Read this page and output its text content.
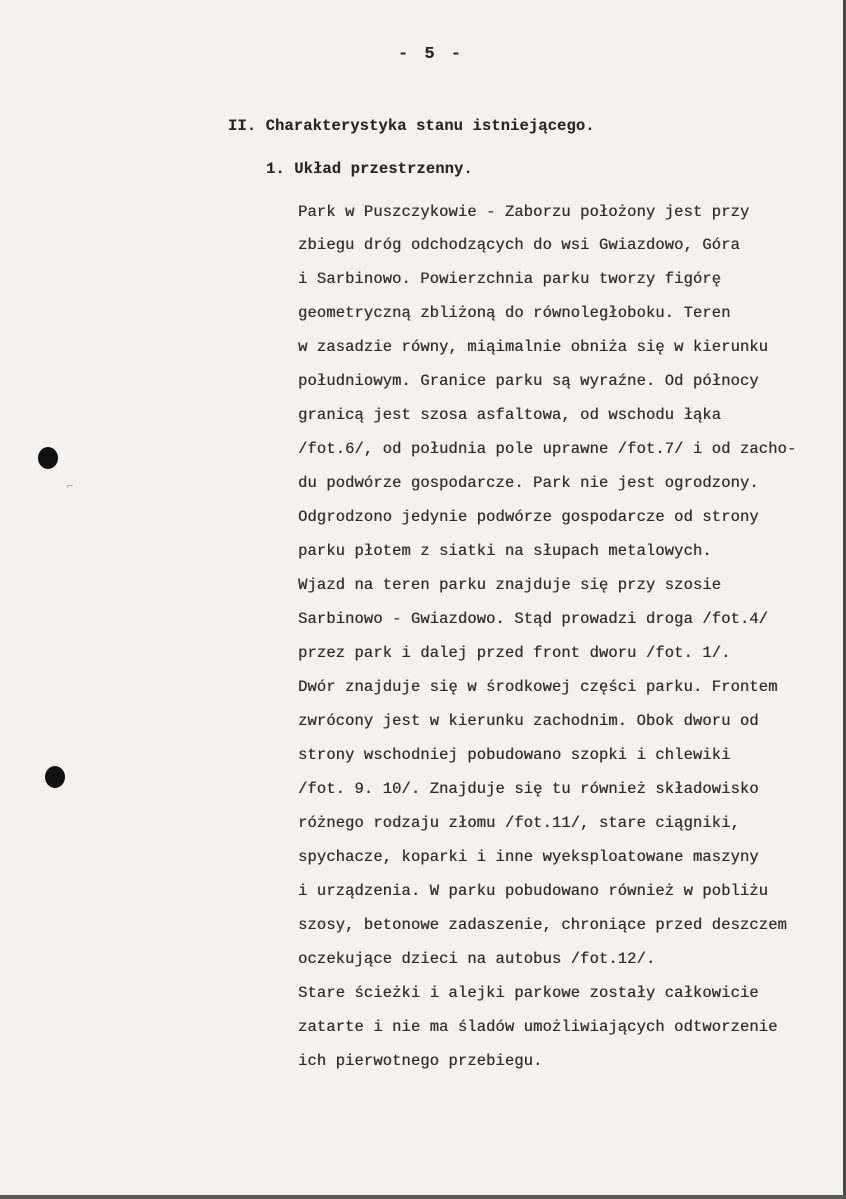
- 5 -
II. Charakterystyka stanu istniejącego.
1. Układ przestrzenny.
Park w Puszczykowie - Zaborzu położony jest przy
zbiegu dróg odchodzących do wsi Gwiazdowo, Góra
i Sarbinowo. Powierzchnia parku tworzy figórę
geometryczną zbliżoną do równoległoboku. Teren
w zasadzie równy, miąimalnie obniża się w kierunku
południowym. Granice parku są wyraźne. Od północy
granicą jest szosa asfaltowa, od wschodu łąka
/fot.6/, od południa pole uprawne /fot.7/ i od zacho-
du podwórze gospodarcze. Park nie jest ogrodzony.
Odgrodzono jedynie podwórze gospodarcze od strony
parku płotem z siatki na słupach metalowych.
Wjazd na teren parku znajduje się przy szosie
Sarbinowo - Gwiazdowo. Stąd prowadzi droga /fot.4/
przez park i dalej przed front dworu /fot. 1/.
Dwór znajduje się w środkowej części parku. Frontem
zwrócony jest w kierunku zachodnim. Obok dworu od
strony wschodniej pobudowano szopki i chlewiki
/fot. 9. 10/. Znajduje się tu również składowisko
różnego rodzaju złomu /fot.11/, stare ciągniki,
spychacze, koparki i inne wyeksploatowane maszyny
i urządzenia. W parku pobudowano również w pobliżu
szosy, betonowe zadaszenie, chroniące przed deszczem
oczekujące dzieci na autobus /fot.12/.
Stare ścieżki i alejki parkowe zostały całkowicie
zatarte i nie ma śladów umożliwiających odtworzenie
ich pierwotnego przebiegu.
⌐
